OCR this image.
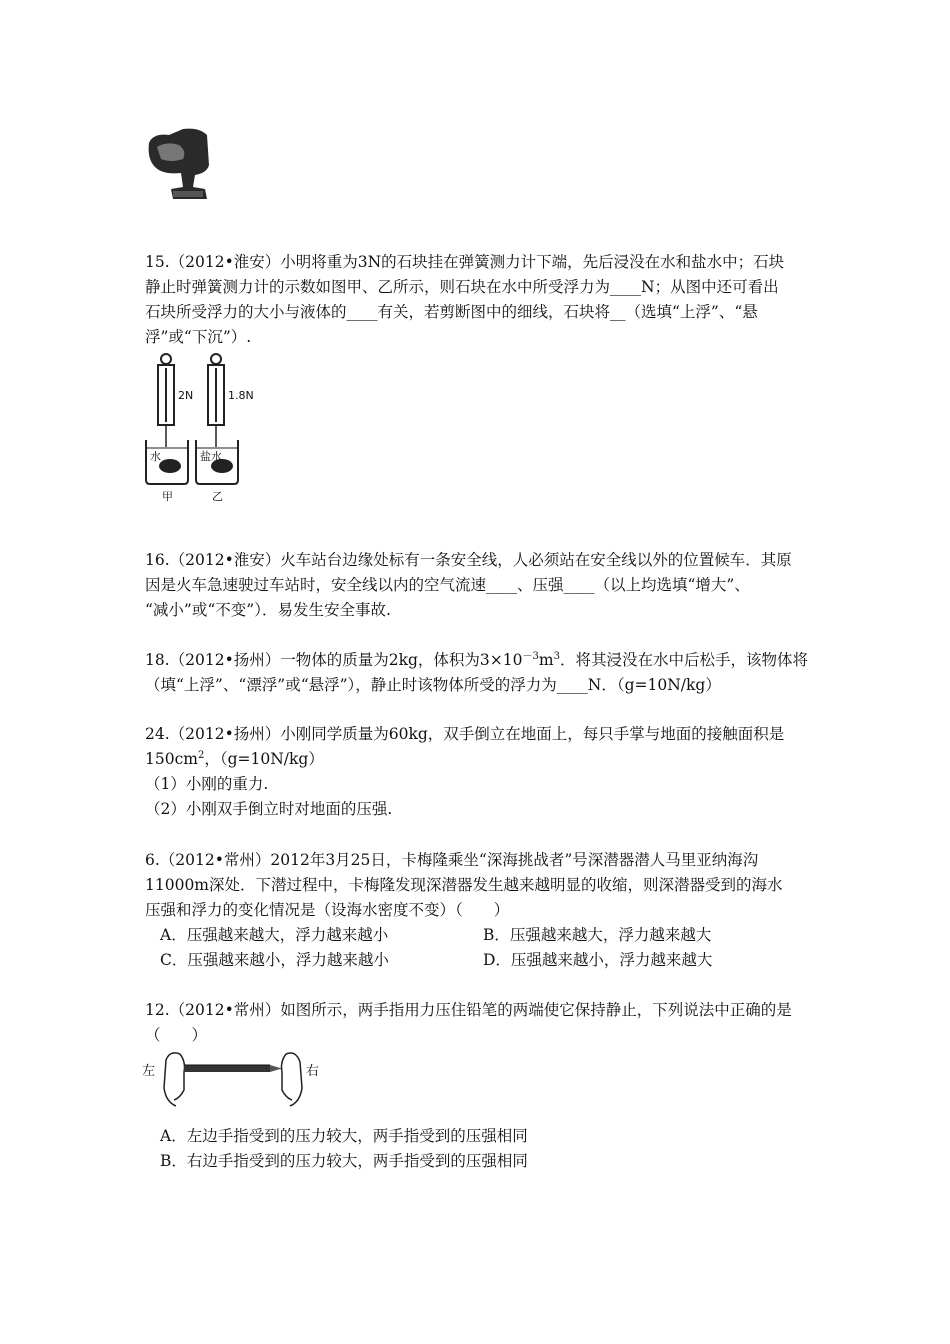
15.（2012•淮安）小明将重为3N的石块挂在弹簧测力计下端，先后浸没在水和盐水中；石块
静止时弹簧测力计的示数如图甲、乙所示，则石块在水中所受浮力为____N；从图中还可看出
石块所受浮力的大小与液体的____有关，若剪断图中的细线，石块将__（选填“上浮”、“悬
浮”或“下沉”）.
2N	1.8N
水	盐水
甲	乙
16.（2012•淮安）火车站台边缘处标有一条安全线，人必须站在安全线以外的位置候车．其原
因是火车急速驶过车站时，安全线以内的空气流速____、压强____（以上均选填“增大”、
“减小”或“不变”）．易发生安全事故.
18.（2012•扬州）一物体的质量为2kg，体积为$3\times 10^{-3}m^3$．将其浸没在水中后松手，该物体将
（填“上浮”、“漂浮”或“悬浮”），静止时该物体所受的浮力为____N．（g=10N/kg）
24.（2012•扬州）小刚同学质量为60kg，双手倒立在地面上，每只手掌与地面的接触面积是
$150cm^2$，（g=10N/kg）
（1）小刚的重力.
（2）小刚双手倒立时对地面的压强.
6.（2012•常州）2012年3月25日，卡梅隆乘坐“深海挑战者”号深潜器潜人马里亚纳海沟
11000m深处．下潜过程中，卡梅隆发现深潜器发生越来越明显的收缩，则深潜器受到的海水
压强和浮力的变化情况是（设海水密度不变）（　　）
A．压强越来越大，浮力越来越小	B．压强越来越大，浮力越来越大
C．压强越来越小，浮力越来越小	D．压强越来越小，浮力越来越大
12.（2012•常州）如图所示，两手指用力压住铅笔的两端使它保持静止，下列说法中正确的是
（　　）
左	右
A．左边手指受到的压力较大，两手指受到的压强相同
B．右边手指受到的压力较大，两手指受到的压强相同
